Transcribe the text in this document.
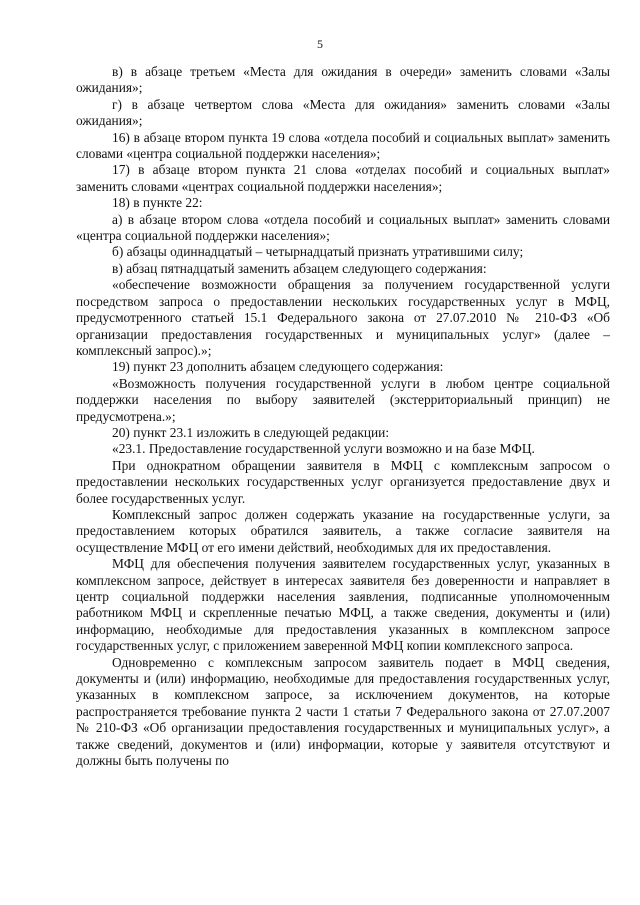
5

в) в абзаце третьем «Места для ожидания в очереди» заменить словами «Залы ожидания»;

г) в абзаце четвертом слова «Места для ожидания» заменить словами «Залы ожидания»;

16) в абзаце втором пункта 19 слова «отдела пособий и социальных выплат» заменить словами «центра социальной поддержки населения»;

17) в абзаце втором пункта 21 слова «отделах пособий и социальных выплат» заменить словами «центрах социальной поддержки населения»;

18) в пункте 22:

а) в абзаце втором слова «отдела пособий и социальных выплат» заменить словами «центра социальной поддержки населения»;

б) абзацы одиннадцатый – четырнадцатый признать утратившими силу;

в) абзац пятнадцатый заменить абзацем следующего содержания:

«обеспечение возможности обращения за получением государственной услуги посредством запроса о предоставлении нескольких государственных услуг в МФЦ, предусмотренного статьей 15.1 Федерального закона от 27.07.2010 № 210-ФЗ «Об организации предоставления государственных и муниципальных услуг» (далее – комплексный запрос).»;

19) пункт 23 дополнить абзацем следующего содержания:

«Возможность получения государственной услуги в любом центре социальной поддержки населения по выбору заявителей (экстерриториальный принцип) не предусмотрена.»;

20) пункт 23.1 изложить в следующей редакции:

«23.1. Предоставление государственной услуги возможно и на базе МФЦ.

При однократном обращении заявителя в МФЦ с комплексным запросом о предоставлении нескольких государственных услуг организуется предоставление двух и более государственных услуг.

Комплексный запрос должен содержать указание на государственные услуги, за предоставлением которых обратился заявитель, а также согласие заявителя на осуществление МФЦ от его имени действий, необходимых для их предоставления.

МФЦ для обеспечения получения заявителем государственных услуг, указанных в комплексном запросе, действует в интересах заявителя без доверенности и направляет в центр социальной поддержки населения заявления, подписанные уполномоченным работником МФЦ и скрепленные печатью МФЦ, а также сведения, документы и (или) информацию, необходимые для предоставления указанных в комплексном запросе государственных услуг, с приложением заверенной МФЦ копии комплексного запроса.

Одновременно с комплексным запросом заявитель подает в МФЦ сведения, документы и (или) информацию, необходимые для предоставления государственных услуг, указанных в комплексном запросе, за исключением документов, на которые распространяется требование пункта 2 части 1 статьи 7 Федерального закона от 27.07.2007 № 210-ФЗ «Об организации предоставления государственных и муниципальных услуг», а также сведений, документов и (или) информации, которые у заявителя отсутствуют и должны быть получены по
